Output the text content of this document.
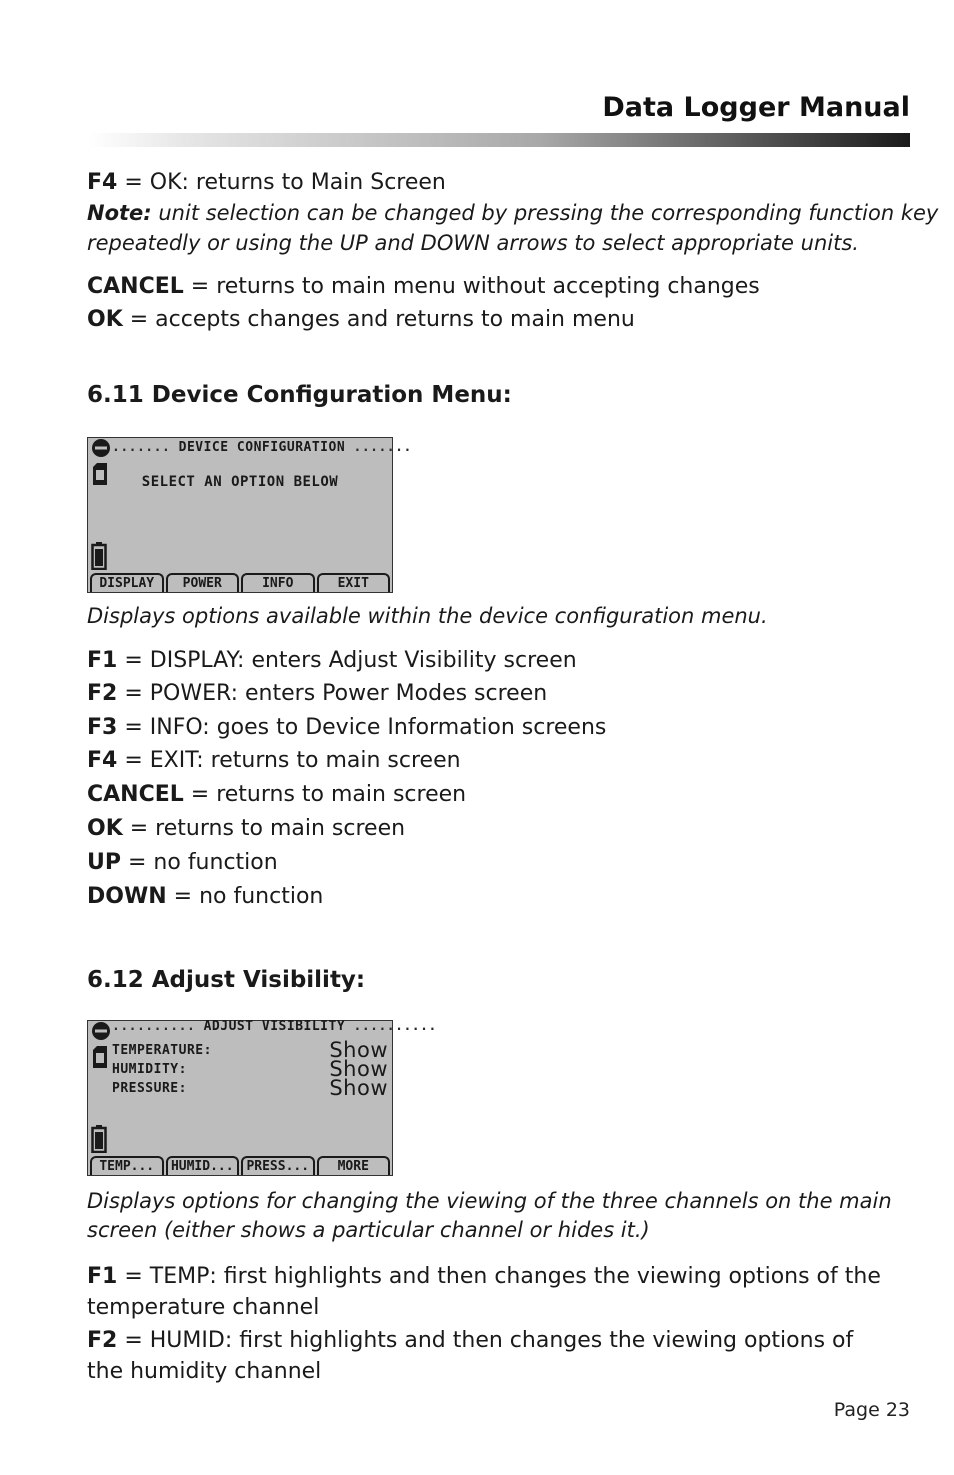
Data Logger Manual
F4 = OK: returns to Main Screen
Note: unit selection can be changed by pressing the corresponding function key
repeatedly or using the UP and DOWN arrows to select appropriate units.
CANCEL = returns to main menu without accepting changes
OK = accepts changes and returns to main menu
6.11 Device Configuration Menu:
....... DEVICE CONFIGURATION .......
SELECT AN OPTION BELOW
DISPLAY	POWER	INFO	EXIT
Displays options available within the device configuration menu.
F1 = DISPLAY: enters Adjust Visibility screen
F2 = POWER: enters Power Modes screen
F3 = INFO: goes to Device Information screens
F4 = EXIT: returns to main screen
CANCEL = returns to main screen
OK = returns to main screen
UP = no function
DOWN = no function
6.12 Adjust Visibility:
.......... ADJUST VISIBILITY ..........
TEMPERATURE:	Show
HUMIDITY:	Show
PRESSURE:	Show
TEMP...	HUMID... PRESS...	MORE
Displays options for changing the viewing of the three channels on the main
screen (either shows a particular channel or hides it.)
F1 = TEMP: first highlights and then changes the viewing options of the temperature channel
F2 = HUMID: first highlights and then changes the viewing options of the humidity channel
Page 23
